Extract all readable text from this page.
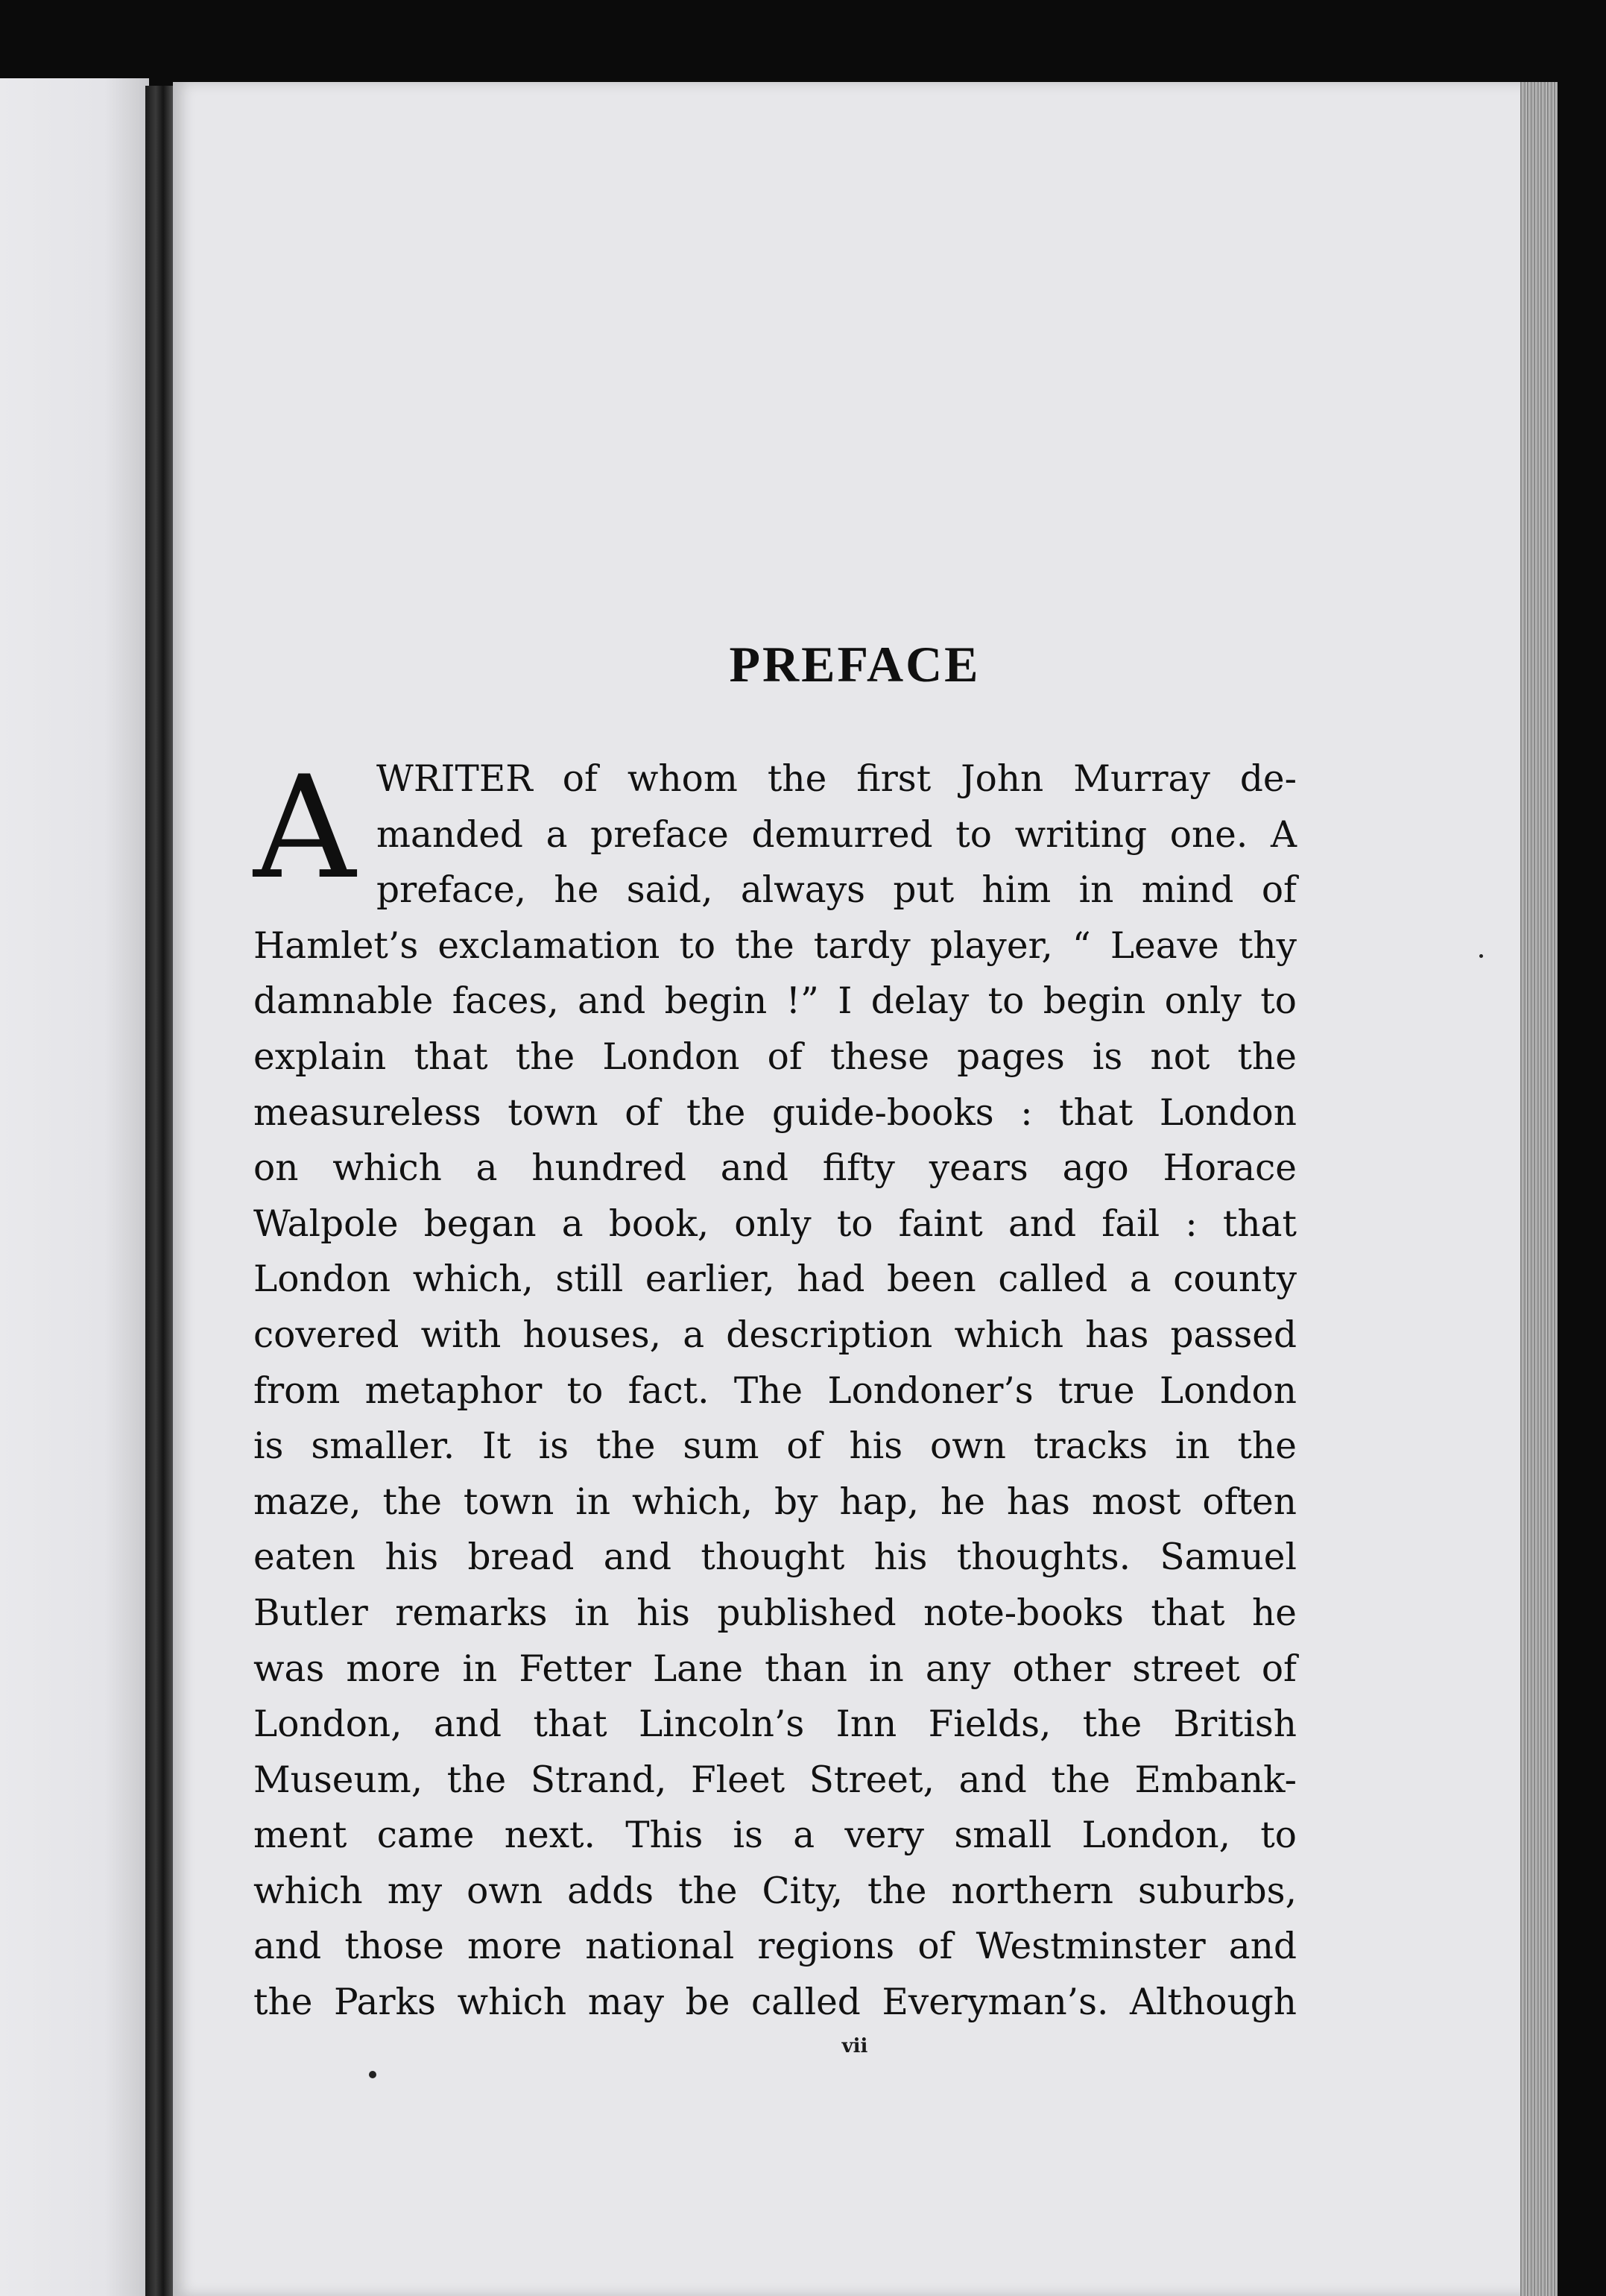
PREFACE
A WRITER of whom the first John Murray de-
manded a preface demurred to writing one. A
preface, he said, always put him in mind of
Hamlet’s exclamation to the tardy player, “ Leave thy
damnable faces, and begin !” I delay to begin only to
explain that the London of these pages is not the
measureless town of the guide-books : that London
on which a hundred and fifty years ago Horace
Walpole began a book, only to faint and fail : that
London which, still earlier, had been called a county
covered with houses, a description which has passed
from metaphor to fact. The Londoner’s true London
is smaller. It is the sum of his own tracks in the
maze, the town in which, by hap, he has most often
eaten his bread and thought his thoughts. Samuel
Butler remarks in his published note-books that he
was more in Fetter Lane than in any other street of
London, and that Lincoln’s Inn Fields, the British
Museum, the Strand, Fleet Street, and the Embank-
ment came next. This is a very small London, to
which my own adds the City, the northern suburbs,
and those more national regions of Westminster and
the Parks which may be called Everyman’s. Although
vii
